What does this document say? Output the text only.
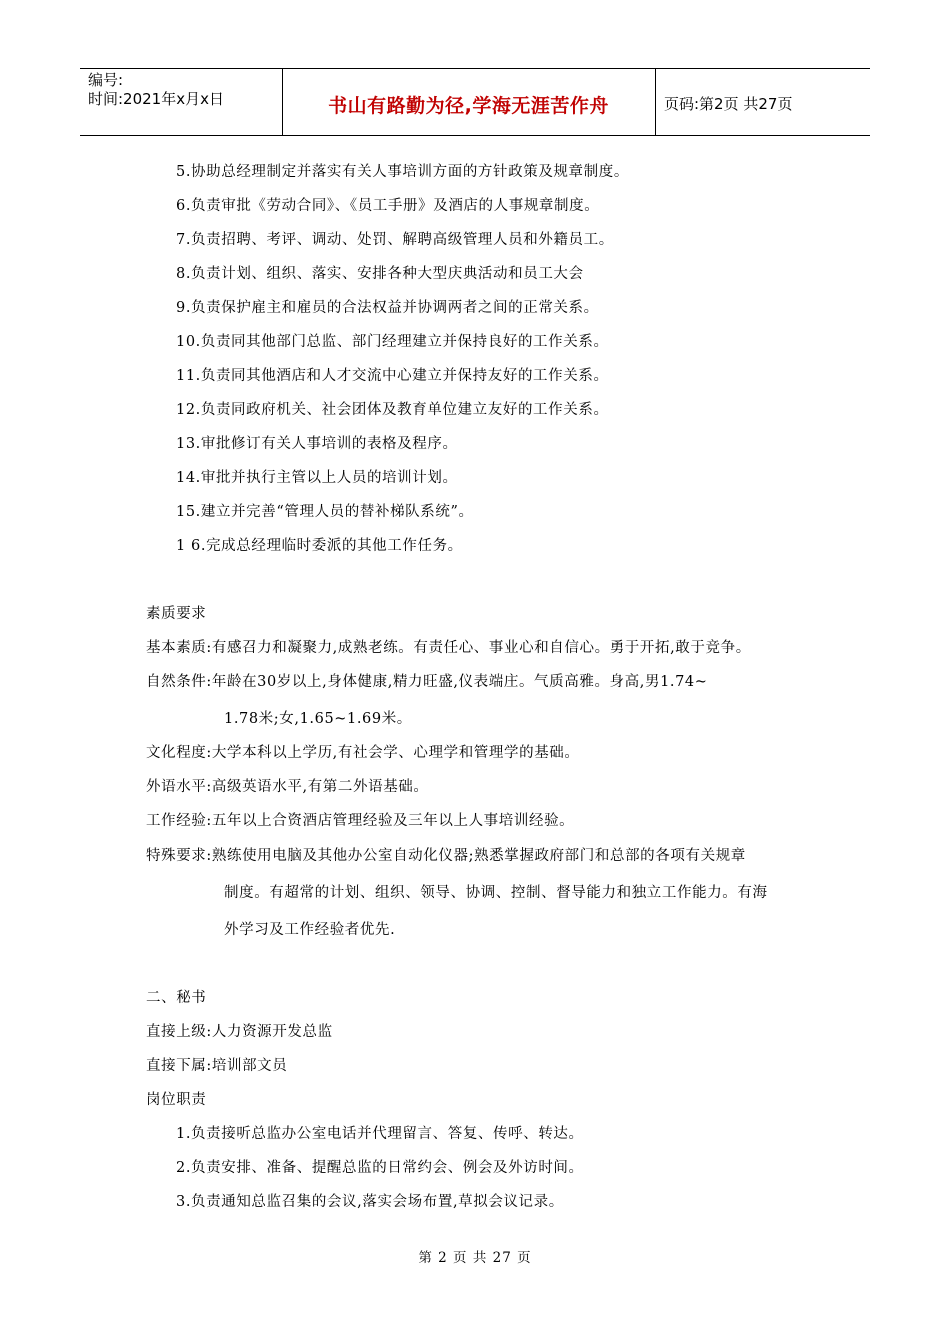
编号:
时间:2021年x月x日	书山有路勤为径,学海无涯苦作舟	页码:第2页 共27页
5.协助总经理制定并落实有关人事培训方面的方针政策及规章制度。
6.负责审批《劳动合同》、《员工手册》及酒店的人事规章制度。
7.负责招聘、考评、调动、处罚、解聘高级管理人员和外籍员工。
8.负责计划、组织、落实、安排各种大型庆典活动和员工大会
9.负责保护雇主和雇员的合法权益并协调两者之间的正常关系。
10.负责同其他部门总监、部门经理建立并保持良好的工作关系。
11.负责同其他酒店和人才交流中心建立并保持友好的工作关系。
12.负责同政府机关、社会团体及教育单位建立友好的工作关系。
13.审批修订有关人事培训的表格及程序。
14.审批并执行主管以上人员的培训计划。
15.建立并完善“管理人员的替补梯队系统”。
1 6.完成总经理临时委派的其他工作任务。
素质要求
基本素质:有感召力和凝聚力,成熟老练。有责任心、事业心和自信心。勇于开拓,敢于竞争。
自然条件:年龄在30岁以上,身体健康,精力旺盛,仪表端庄。气质高雅。身高,男1.74~
1.78米;女,1.65~1.69米。
文化程度:大学本科以上学历,有社会学、心理学和管理学的基础。
外语水平:高级英语水平,有第二外语基础。
工作经验:五年以上合资酒店管理经验及三年以上人事培训经验。
特殊要求:熟练使用电脑及其他办公室自动化仪器;熟悉掌握政府部门和总部的各项有关规章
制度。有超常的计划、组织、领导、协调、控制、督导能力和独立工作能力。有海
外学习及工作经验者优先.
二、秘书
直接上级:人力资源开发总监
直接下属:培训部文员
岗位职责
1.负责接听总监办公室电话并代理留言、答复、传呼、转达。
2.负责安排、准备、提醒总监的日常约会、例会及外访时间。
3.负责通知总监召集的会议,落实会场布置,草拟会议记录。
第 2 页 共 27 页
